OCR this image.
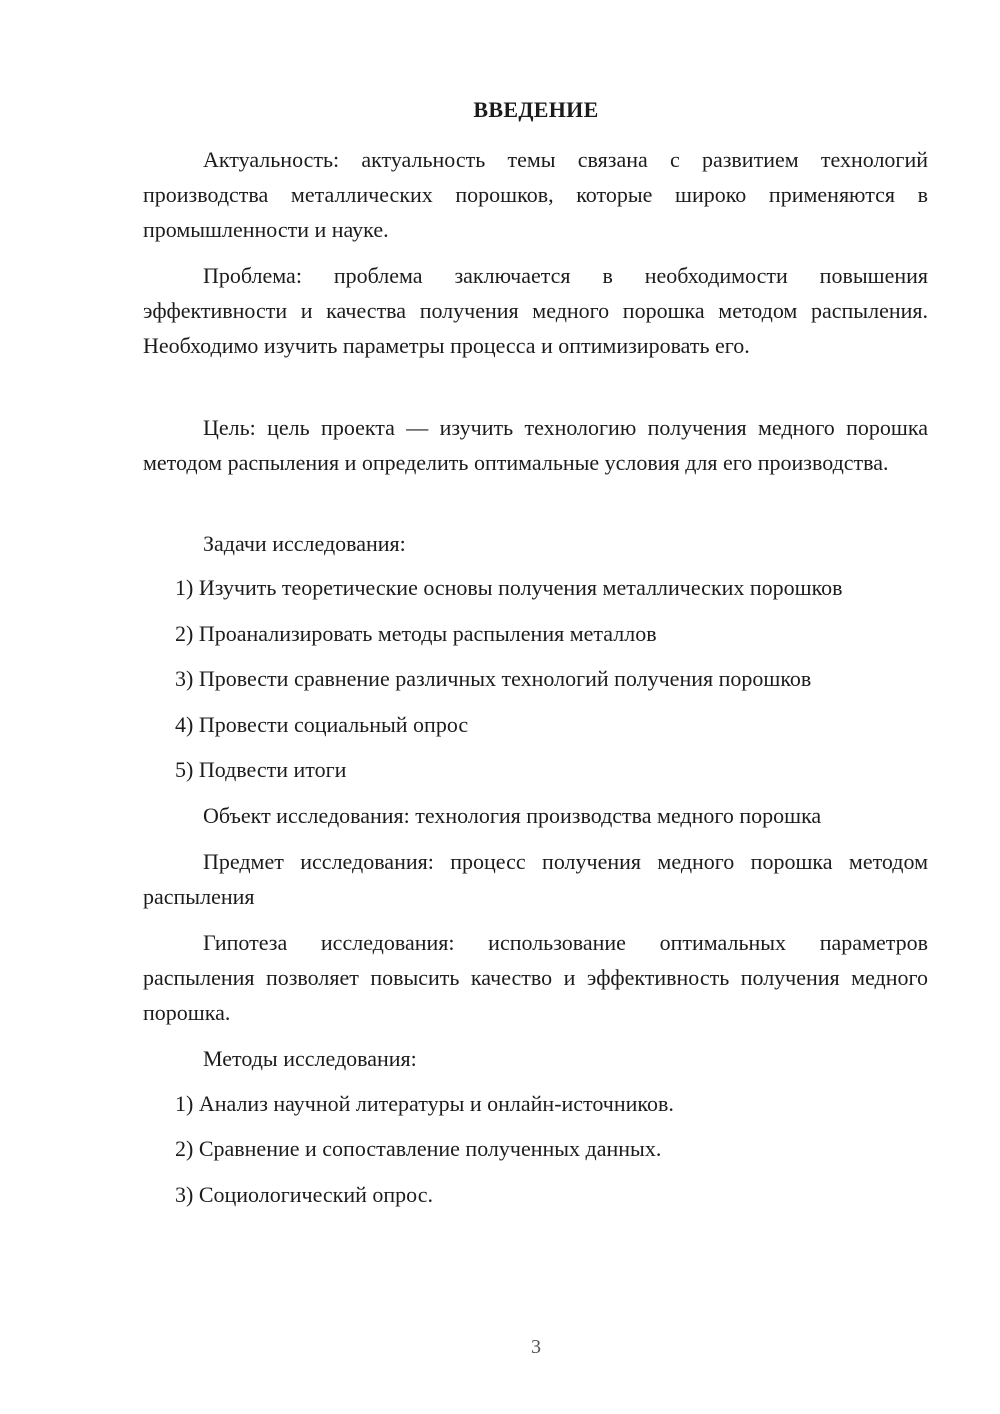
ВВЕДЕНИЕ

Актуальность: актуальность темы связана с развитием технологий производства металлических порошков, которые широко применяются в промышленности и науке.

Проблема: проблема заключается в необходимости повышения эффективности и качества получения медного порошка методом распыления. Необходимо изучить параметры процесса и оптимизировать его.

Цель: цель проекта — изучить технологию получения медного порошка методом распыления и определить оптимальные условия для его производства.

Задачи исследования:
1) Изучить теоретические основы получения металлических порошков
2) Проанализировать методы распыления металлов
3) Провести сравнение различных технологий получения порошков
4) Провести социальный опрос
5) Подвести итоги
Объект исследования: технология производства медного порошка

Предмет исследования: процесс получения медного порошка методом распыления

Гипотеза исследования: использование оптимальных параметров распыления позволяет повысить качество и эффективность получения медного порошка.

Методы исследования:
1) Анализ научной литературы и онлайн-источников.
2) Сравнение и сопоставление полученных данных.
3) Социологический опрос.
3
